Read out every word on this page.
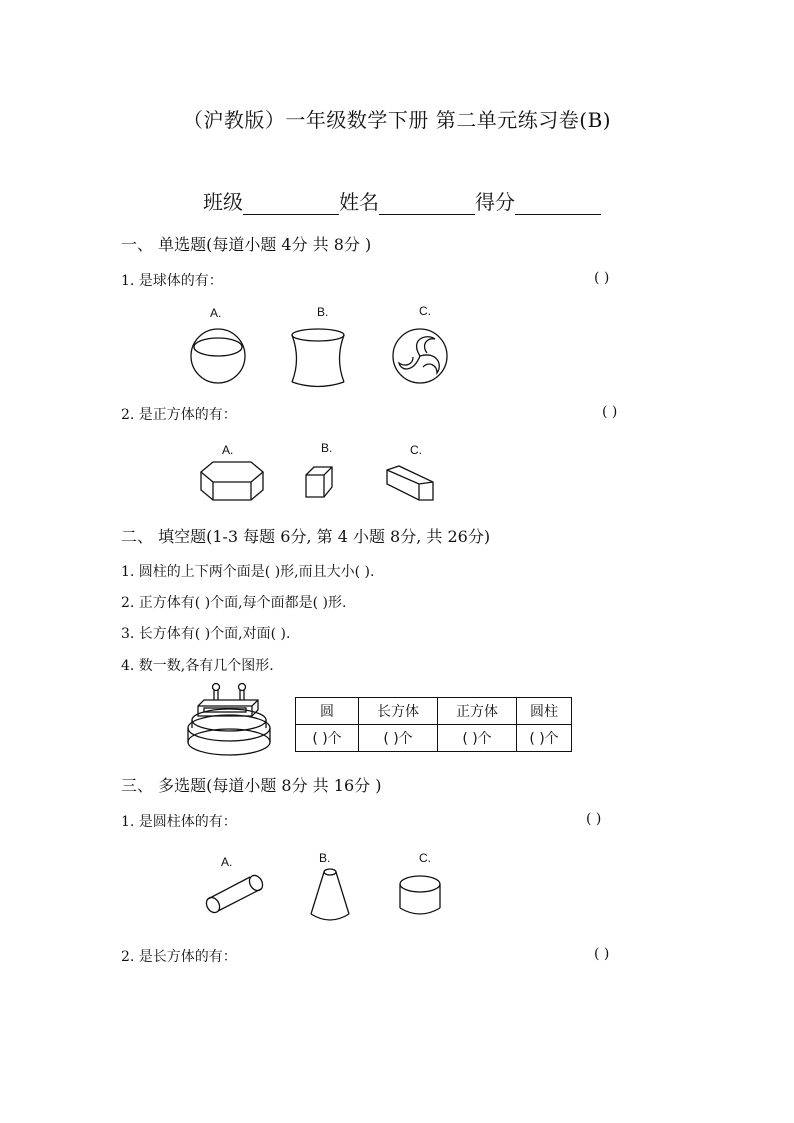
（沪教版）一年级数学下册 第二单元练习卷(B)
班级	姓名	得分
一、 单选题(每道小题 4分 共 8分 )
1. 是球体的有：	( )
A.	B.	C.
2. 是正方体的有：	( )
A.	B.	C.
二、 填空题(1-3 每题 6分, 第 4 小题 8分, 共 26分)
1. 圆柱的上下两个面是( )形,而且大小( ).
2. 正方体有( )个面,每个面都是( )形.
3. 长方体有( )个面,对面( ).
4. 数一数,各有几个图形.
圆	长方体	正方体	圆柱
( )个	( )个	( )个	( )个
三、 多选题(每道小题 8分 共 16分 )
1. 是圆柱体的有：	( )
A.	B.	C.
2. 是长方体的有：	( )
